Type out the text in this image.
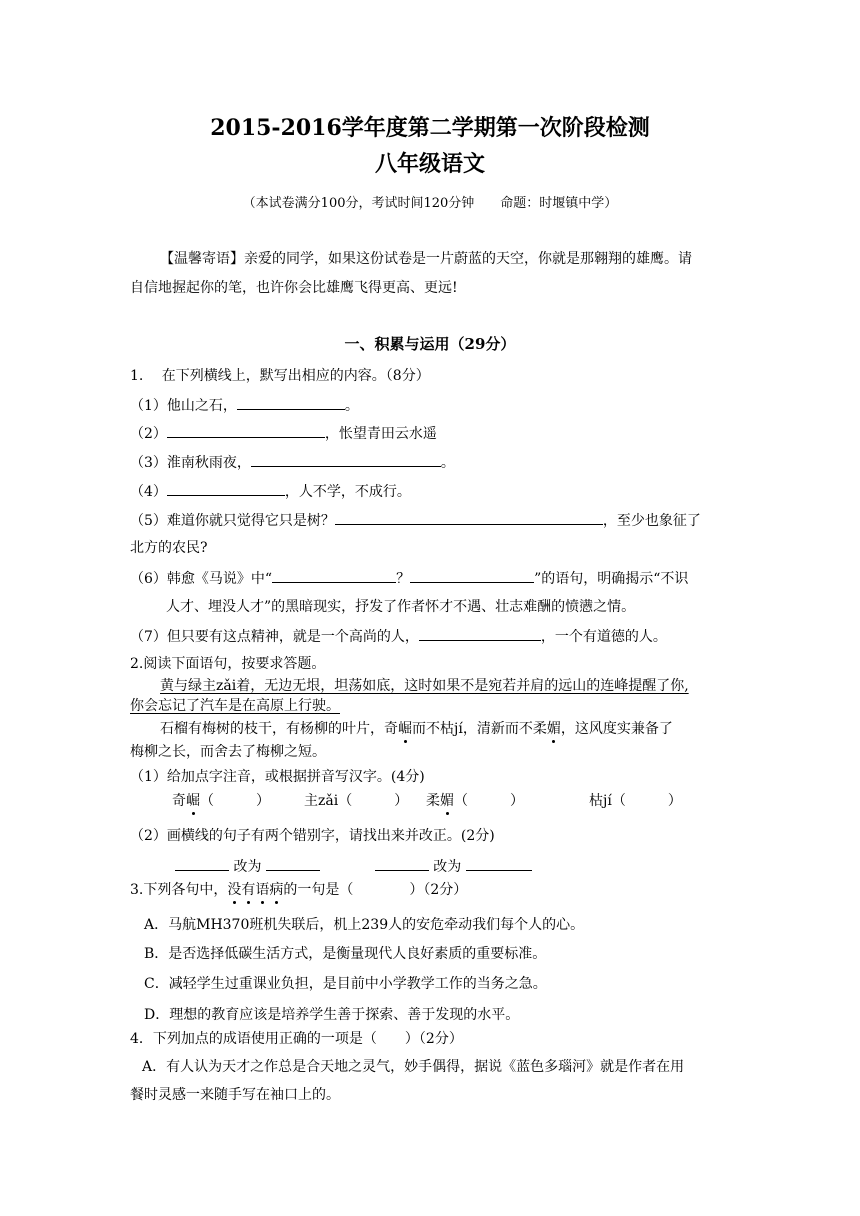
2015-2016学年度第二学期第一次阶段检测
八年级语文
（本试卷满分100分，考试时间120分钟　　命题：时堰镇中学）
【温馨寄语】亲爱的同学，如果这份试卷是一片蔚蓝的天空，你就是那翱翔的雄鹰。请
自信地握起你的笔，也许你会比雄鹰飞得更高、更远!
一、积累与运用（29分）
1.　 在下列横线上，默写出相应的内容。（8分）
（1）他山之石，	。
（2）	，怅望青田云水遥
（3）淮南秋雨夜，	。
（4）	，人不学，不成行。
（5）难道你就只觉得它只是树？	，至少也象征了
北方的农民?
（6）韩愈《马说》中“	？	”的语句，明确揭示“不识
人才、埋没人才”的黑暗现实，抒发了作者怀才不遇、壮志难酬的愤懑之情。
（7）但只要有这点精神，就是一个高尚的人，	，一个有道德的人。
2.阅读下面语句，按要求答题。
黄与绿主zǎi着，无边无垠，坦荡如底，这时如果不是宛若并肩的远山的连峰提醒了你,
你会忘记了汽车是在高原上行驶。
石榴有梅树的枝干，有杨柳的叶片，奇崛而不枯jí，清新而不柔媚，这风度实兼备了
梅柳之长，而舍去了梅柳之短。
（1）给加点字注音，或根据拼音写汉字。(4分)
奇崛（　　　） 主zǎi（　　　） 柔媚（　　　）	枯jí（　　　）
（2）画横线的句子有两个错别字，请找出来并改正。(2分)
改为	改为
3.下列各句中，没有语病的一句是（　　　　）（2分）
A．马航MH370班机失联后，机上239人的安危牵动我们每个人的心。
B．是否选择低碳生活方式，是衡量现代人良好素质的重要标准。
C．减轻学生过重课业负担，是目前中小学教学工作的当务之急。
D．理想的教育应该是培养学生善于探索、善于发现的水平。
4．下列加点的成语使用正确的一项是（　　）（2分）
A．有人认为天才之作总是合天地之灵气，妙手偶得，据说《蓝色多瑙河》就是作者在用
餐时灵感一来随手写在袖口上的。
